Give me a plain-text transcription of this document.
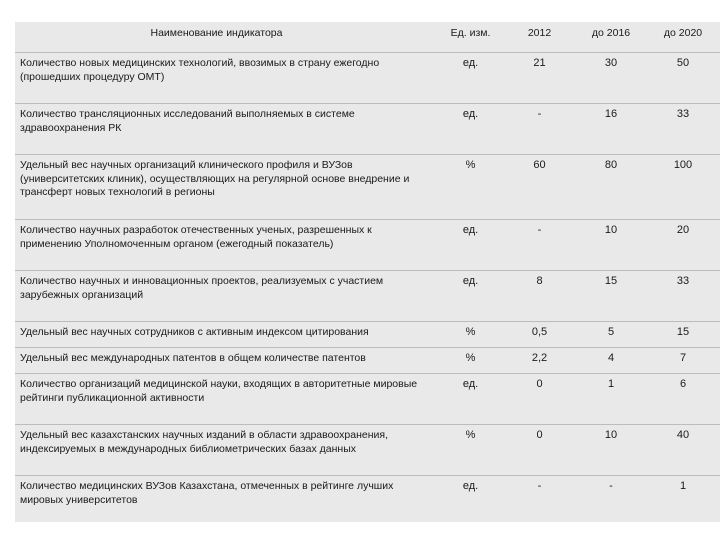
Наименование индикатора	Ед. изм.	2012	до 2016	до 2020
Количество новых медицинских технологий, ввозимых в страну ежегодно (прошедших процедуру ОМТ)	ед.	21	30	50
Количество трансляционных исследований выполняемых в системе здравоохранения РК	ед.	-	16	33
Удельный вес научных организаций клинического профиля и ВУЗов (университетских клиник), осуществляющих на регулярной основе внедрение и трансферт новых технологий в регионы	%	60	80	100
Количество научных разработок отечественных ученых, разрешенных к применению Уполномоченным органом (ежегодный показатель)	ед.	-	10	20
Количество научных и инновационных проектов, реализуемых с участием зарубежных организаций	ед.	8	15	33
Удельный вес научных сотрудников с активным индексом цитирования	%	0,5	5	15
Удельный вес международных патентов в общем количестве патентов	%	2,2	4	7
Количество организаций медицинской науки, входящих в авторитетные мировые рейтинги публикационной активности	ед.	0	1	6
Удельный вес казахстанских научных изданий в области здравоохранения, индексируемых в международных библиометрических базах данных	%	0	10	40
Количество медицинских ВУЗов Казахстана, отмеченных в рейтинге лучших мировых университетов	ед.	-	-	1
